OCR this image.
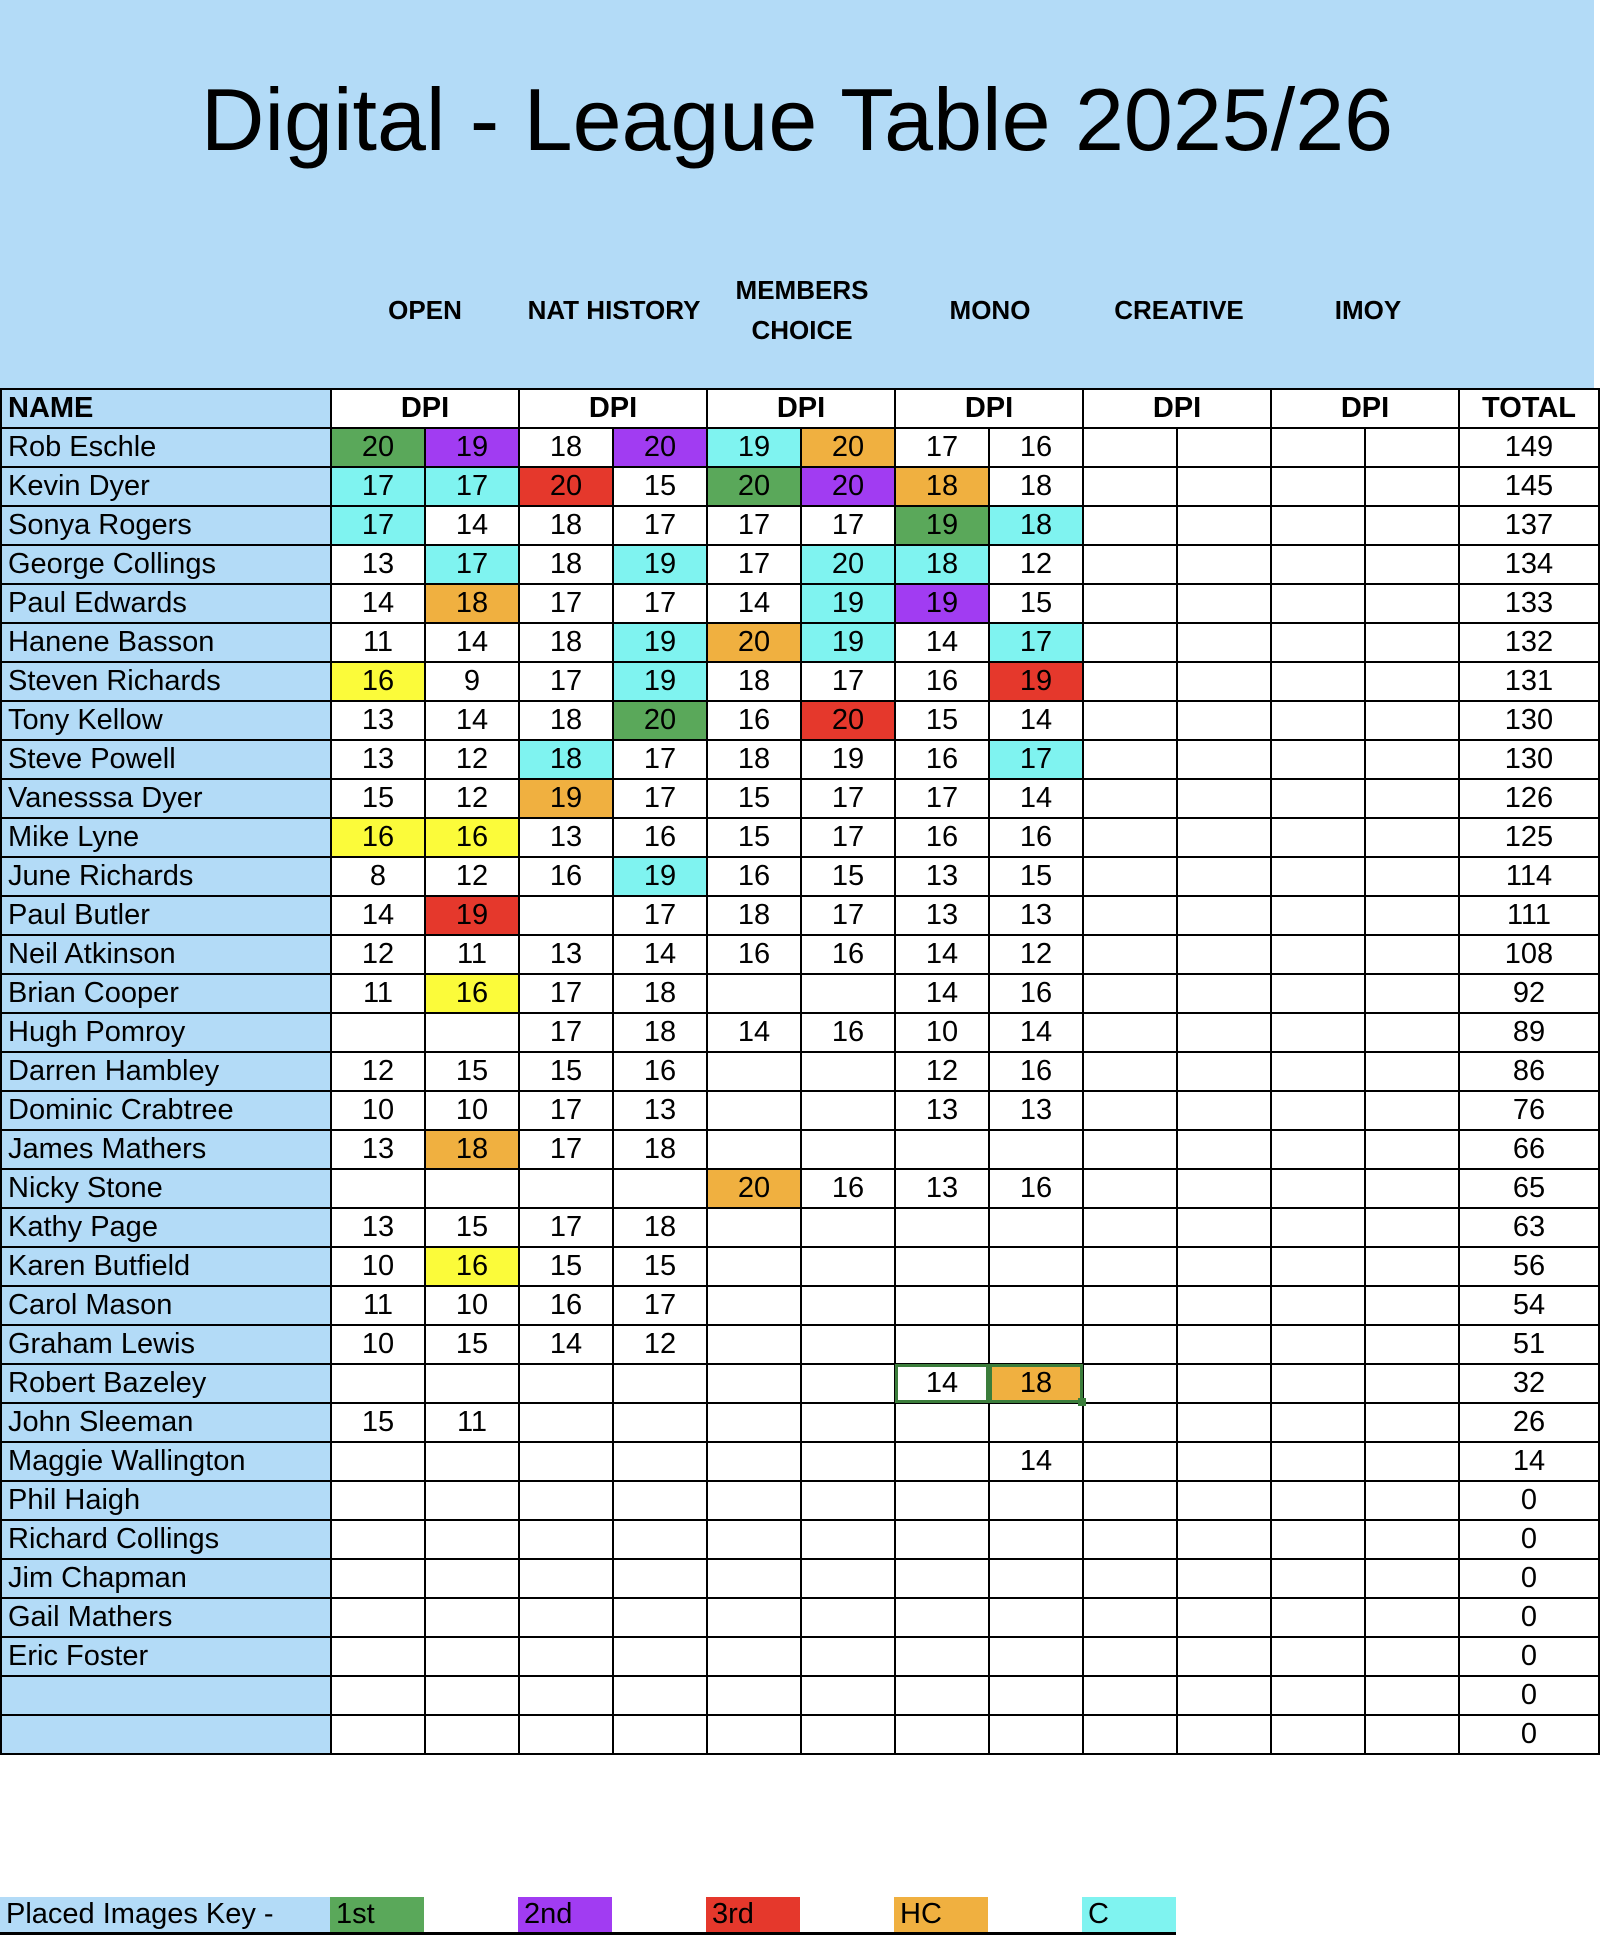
Digital - League Table 2025/26
OPEN	NAT HISTORY
MEMBERS
CHOICE
MONO	CREATIVE	IMOY
NAME	DPI		DPI		DPI		DPI		DPI		DPI		TOTAL
Rob Eschle	20	19	18	20	19	20	17	16					149
Kevin Dyer	17	17	20	15	20	20	18	18					145
Sonya Rogers	17	14	18	17	17	17	19	18					137
George Collings	13	17	18	19	17	20	18	12					134
Paul Edwards	14	18	17	17	14	19	19	15					133
Hanene Basson	11	14	18	19	20	19	14	17					132
Steven Richards	16	9	17	19	18	17	16	19					131
Tony Kellow	13	14	18	20	16	20	15	14					130
Steve Powell	13	12	18	17	18	19	16	17					130
Vanesssa Dyer	15	12	19	17	15	17	17	14					126
Mike Lyne	16	16	13	16	15	17	16	16					125
June Richards	8	12	16	19	16	15	13	15					114
Paul Butler	14	19		17	18	17	13	13					111
Neil Atkinson	12	11	13	14	16	16	14	12					108
Brian Cooper	11	16	17	18			14	16					92
Hugh Pomroy			17	18	14	16	10	14					89
Darren Hambley	12	15	15	16			12	16					86
Dominic Crabtree	10	10	17	13			13	13					76
James Mathers	13	18	17	18									66
Nicky Stone					20	16	13	16					65
Kathy Page	13	15	17	18									63
Karen Butfield	10	16	15	15									56
Carol Mason	11	10	16	17									54
Graham Lewis	10	15	14	12									51
Robert Bazeley							14	18					32
John Sleeman	15	11											26
Maggie Wallington								14					14
Phil Haigh													0
Richard Collings													0
Jim Chapman													0
Gail Mathers													0
Eric Foster													0
													0
													0
Placed Images Key -	1st		2nd		3rd		HC		C	
